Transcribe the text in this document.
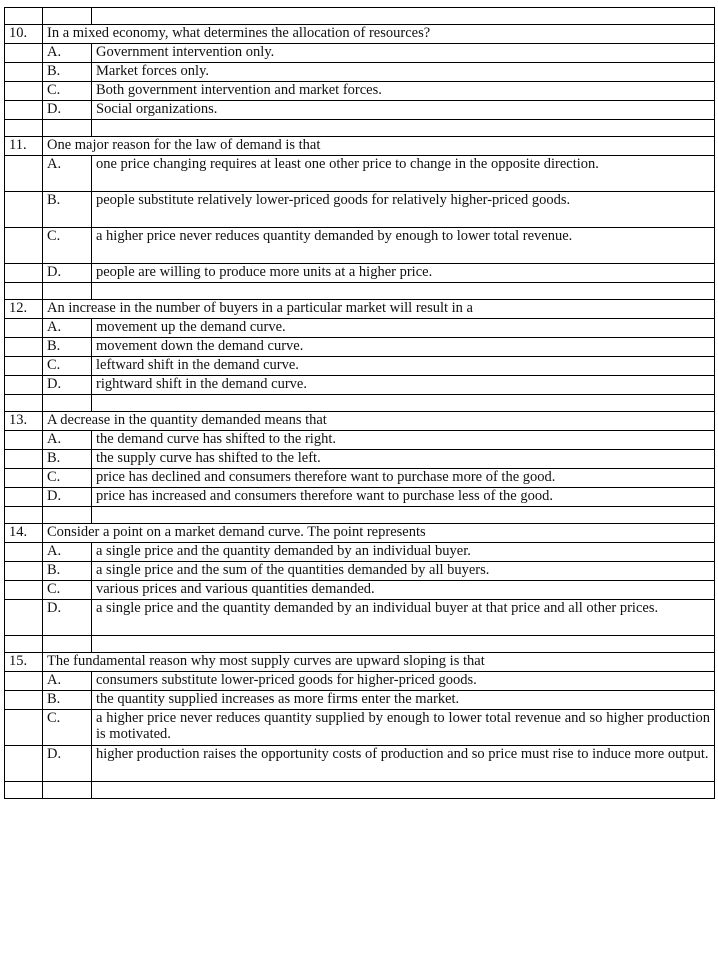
10.	In a mixed economy, what determines the allocation of resources?	
	A.	Government intervention only.
	B.	Market forces only.
	C.	Both government intervention and market forces.
	D.	Social organizations.

11.	One major reason for the law of demand is that	
	A.	one price changing requires at least one other price to change in the opposite direction.
	B.	people substitute relatively lower-priced goods for relatively higher-priced goods.
	C.	a higher price never reduces quantity demanded by enough to lower total revenue.
	D.	people are willing to produce more units at a higher price.

12.	An increase in the number of buyers in a particular market will result in a	
	A.	movement up the demand curve.
	B.	movement down the demand curve.
	C.	leftward shift in the demand curve.
	D.	rightward shift in the demand curve.

13.	A decrease in the quantity demanded means that	
	A.	the demand curve has shifted to the right.
	B.	the supply curve has shifted to the left.
	C.	price has declined and consumers therefore want to purchase more of the good.
	D.	price has increased and consumers therefore want to purchase less of the good.

14.	Consider a point on a market demand curve. The point represents	
	A.	a single price and the quantity demanded by an individual buyer.
	B.	a single price and the sum of the quantities demanded by all buyers.
	C.	various prices and various quantities demanded.
	D.	a single price and the quantity demanded by an individual buyer at that price and all other prices.

15.	The fundamental reason why most supply curves are upward sloping is that	
	A.	consumers substitute lower-priced goods for higher-priced goods.
	B.	the quantity supplied increases as more firms enter the market.
	C.	a higher price never reduces quantity supplied by enough to lower total revenue and so higher production is motivated.
	D.	higher production raises the opportunity costs of production and so price must rise to induce more output.
